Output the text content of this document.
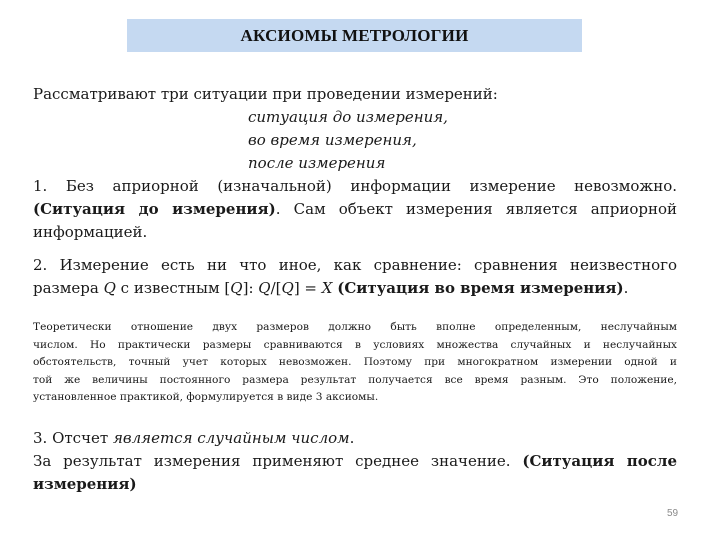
АКСИОМЫ МЕТРОЛОГИИ
Рассматривают три ситуации при проведении измерений:
ситуация до измерения,
во время измерения,
после измерения
1. Без априорной (изначальной) информации измерение невозможно.
(Ситуация до измерения). Сам объект измерения является априорной
информацией.
2. Измерение есть ни что иное, как сравнение: сравнения неизвестного
размера Q с известным [Q]: Q/[Q] = X (Ситуация во время измерения).
Теоретически отношение двух размеров должно быть вполне определенным, неслучайным
числом. Но практически размеры сравниваются в условиях множества случайных и неслучайных
обстоятельств, точный учет которых невозможен. Поэтому при многократном измерении одной и
той же величины постоянного размера результат получается все время разным. Это положение,
установленное практикой, формулируется в виде 3 аксиомы.
3. Отсчет является случайным числом.
За результат измерения применяют среднее значение. (Ситуация после
измерения)
59
